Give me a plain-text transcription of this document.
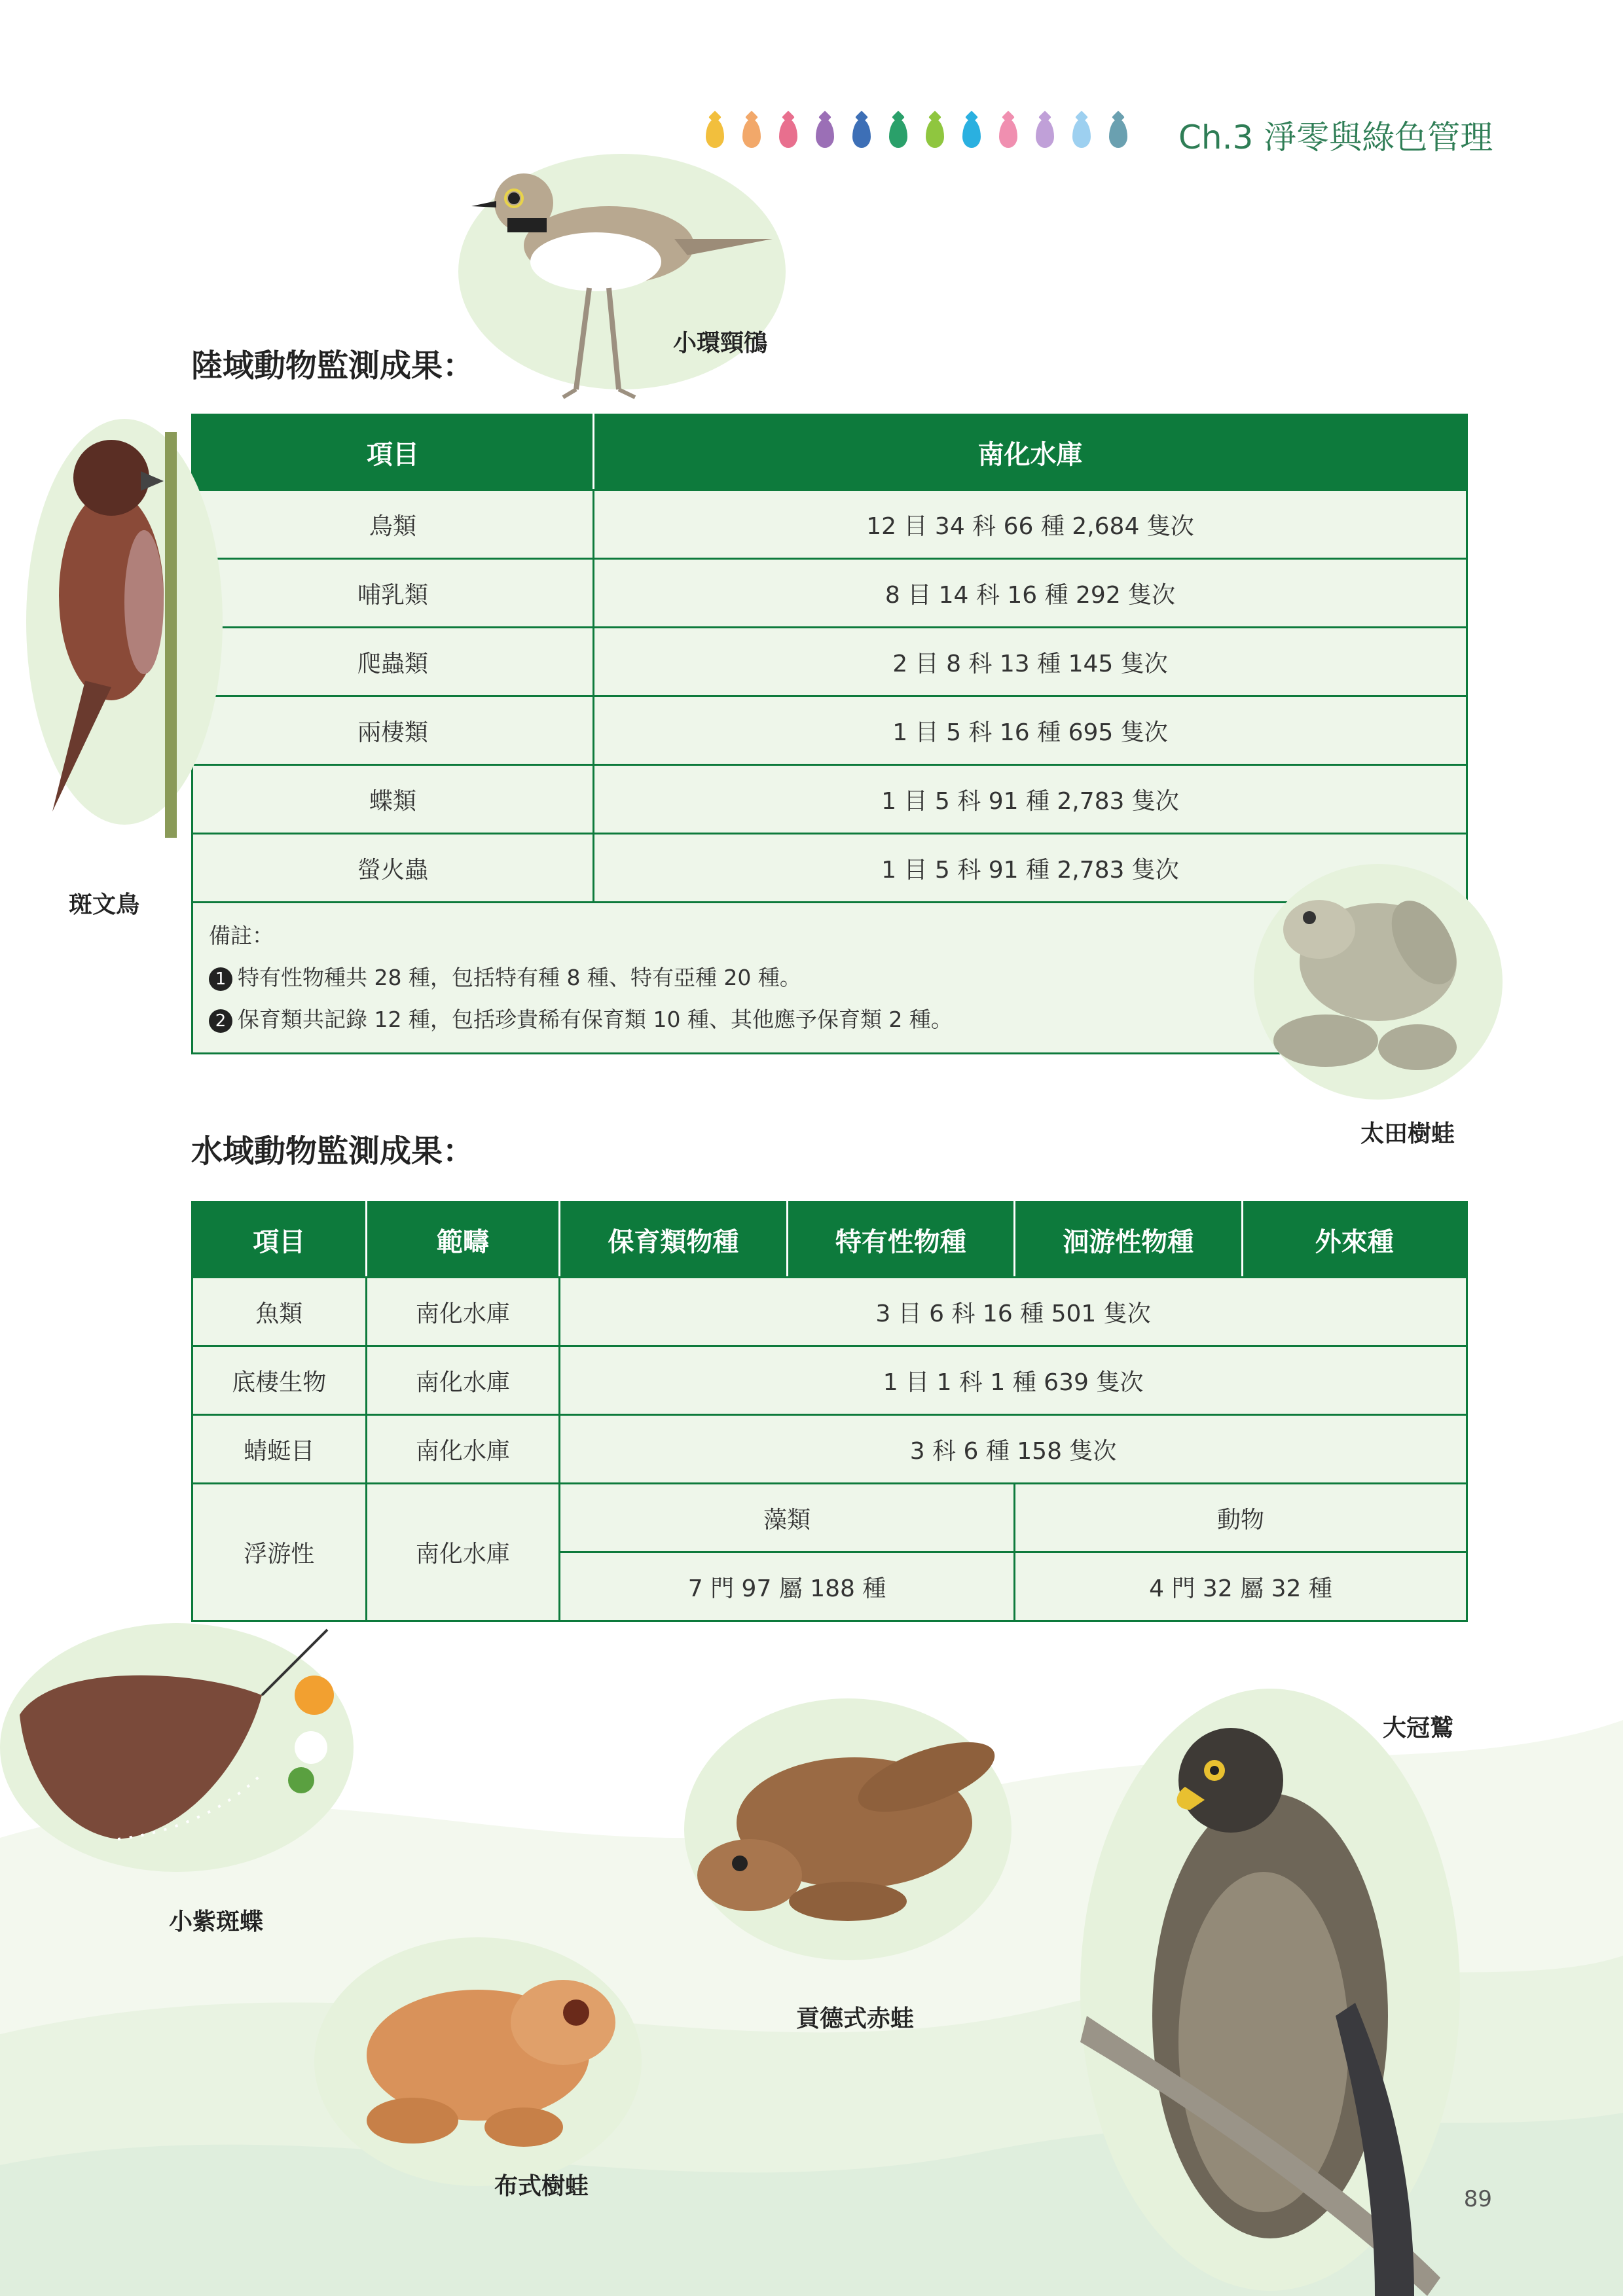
Ch.3 淨零與綠色管理
小環頸鴴
陸域動物監測成果：
項目	南化水庫
鳥類	12 目 34 科 66 種 2,684 隻次
哺乳類	8 目 14 科 16 種 292 隻次
爬蟲類	2 目 8 科 13 種 145 隻次
兩棲類	1 目 5 科 16 種 695 隻次
蝶類	1 目 5 科 91 種 2,783 隻次
螢火蟲	1 目 5 科 91 種 2,783 隻次

備註：
1 特有性物種共 28 種，包括特有種 8 種、特有亞種 20 種。
2 保育類共記錄 12 種，包括珍貴稀有保育類 10 種、其他應予保育類 2 種。	
斑文鳥
太田樹蛙
水域動物監測成果：
項目	範疇	保育類物種	特有性物種	洄游性物種	外來種
魚類	南化水庫	3 目 6 科 16 種 501 隻次			
底棲生物	南化水庫	1 目 1 科 1 種 639 隻次			
蜻蜓目	南化水庫	3 科 6 種 158 隻次			
浮游性	南化水庫	藻類		動物	
		7 門 97 屬 188 種		4 門 32 屬 32 種	
小紫斑蝶
貢德式赤蛙
布式樹蛙
大冠鷲
89
